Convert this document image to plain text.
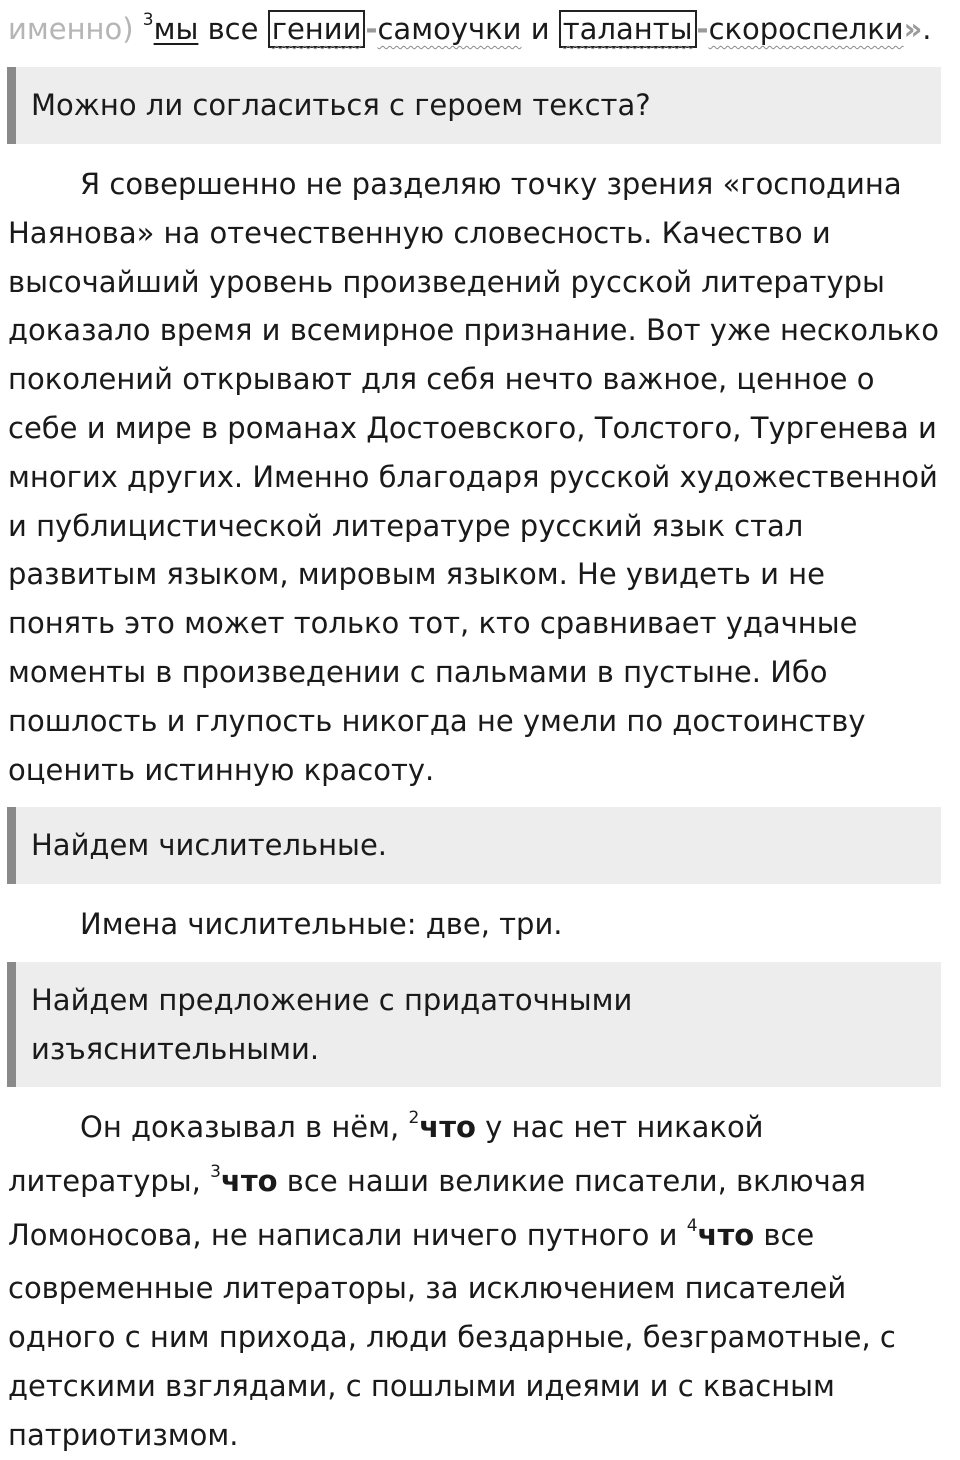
именно) $^3$мы все гении -самоучки и таланты -скороспелки».
Можно ли согласиться с героем текста?
Я совершенно не разделяю точку зрения «господина
Наянова» на отечественную словесность. Качество и
высочайший уровень произведений русской литературы
доказало время и всемирное признание. Вот уже несколько
поколений открывают для себя нечто важное, ценное о
себе и мире в романах Достоевского, Толстого, Тургенева и
многих других. Именно благодаря русской художественной
и публицистической литературе русский язык стал
развитым языком, мировым языком. Не увидеть и не
понять это может только тот, кто сравнивает удачные
моменты в произведении с пальмами в пустыне. Ибо
пошлость и глупость никогда не умели по достоинству
оценить истинную красоту.
Найдем числительные.
Имена числительные: две, три.
Найдем предложение с придаточными
изъяснительными.
Он доказывал в нём, $^2$что у нас нет никакой
литературы, $^3$что все наши великие писатели, включая
Ломоносова, не написали ничего путного и $^4$что все
современные литераторы, за исключением писателей
одного с ним прихода, люди бездарные, безграмотные, с
детскими взглядами, с пошлыми идеями и с квасным
патриотизмом.
